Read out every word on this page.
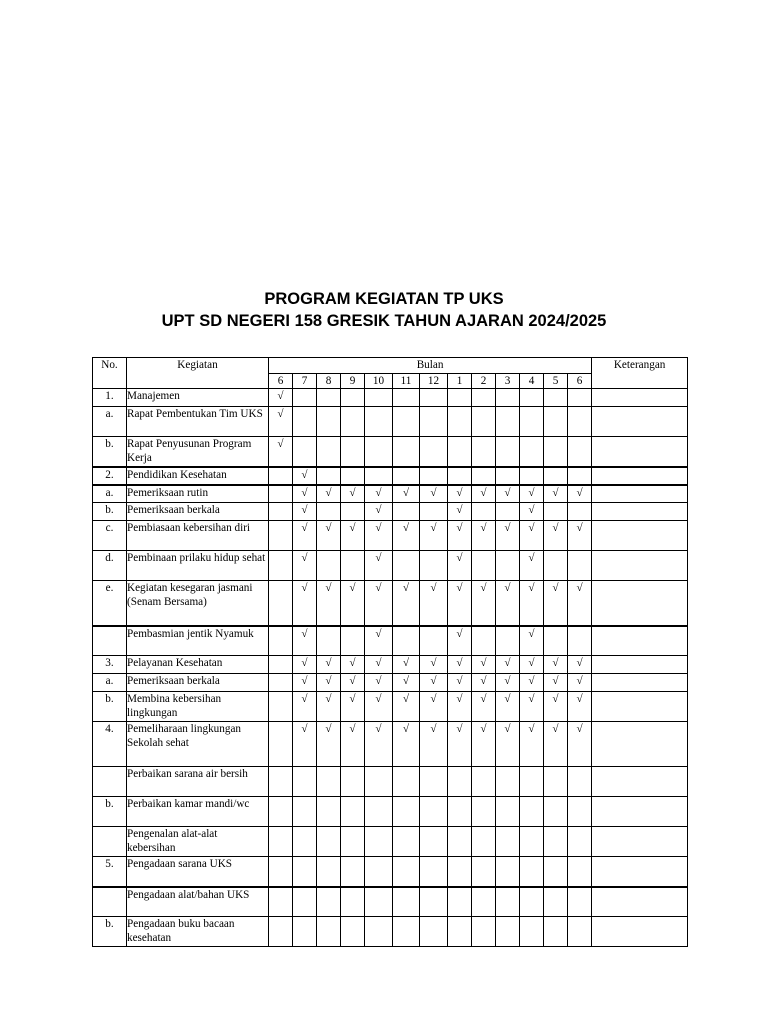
PROGRAM KEGIATAN TP UKS
UPT SD NEGERI 158 GRESIK TAHUN AJARAN 2024/2025
No.	Kegiatan	Bulan													Keterangan
		6	7	8	9	10	11	12	1	2	3	4	5	6	
1.	Manajemen	√													
a.	Rapat Pembentukan Tim UKS	√													
b.	Rapat Penyusunan Program Kerja	√													
2.	Pendidikan Kesehatan		√												
a.	Pemeriksaan rutin		√	√	√	√	√	√	√	√	√	√	√	√	
b.	Pemeriksaan berkala		√			√			√			√			
c.	Pembiasaan kebersihan diri		√	√	√	√	√	√	√	√	√	√	√	√	
d.	Pembinaan prilaku hidup sehat		√			√			√			√			
e.	Kegiatan kesegaran jasmani (Senam Bersama)		√	√	√	√	√	√	√	√	√	√	√	√	
	Pembasmian jentik Nyamuk		√			√			√			√			
3.	Pelayanan Kesehatan		√	√	√	√	√	√	√	√	√	√	√	√	
a.	Pemeriksaan berkala		√	√	√	√	√	√	√	√	√	√	√	√	
b.	Membina kebersihan lingkungan		√	√	√	√	√	√	√	√	√	√	√	√	
4.	Pemeliharaan lingkungan Sekolah sehat		√	√	√	√	√	√	√	√	√	√	√	√	
	Perbaikan sarana air bersih														
b.	Perbaikan kamar mandi/wc														
	Pengenalan alat-alat kebersihan														
5.	Pengadaan sarana UKS														
	Pengadaan alat/bahan UKS														
b.	Pengadaan buku bacaan kesehatan														
